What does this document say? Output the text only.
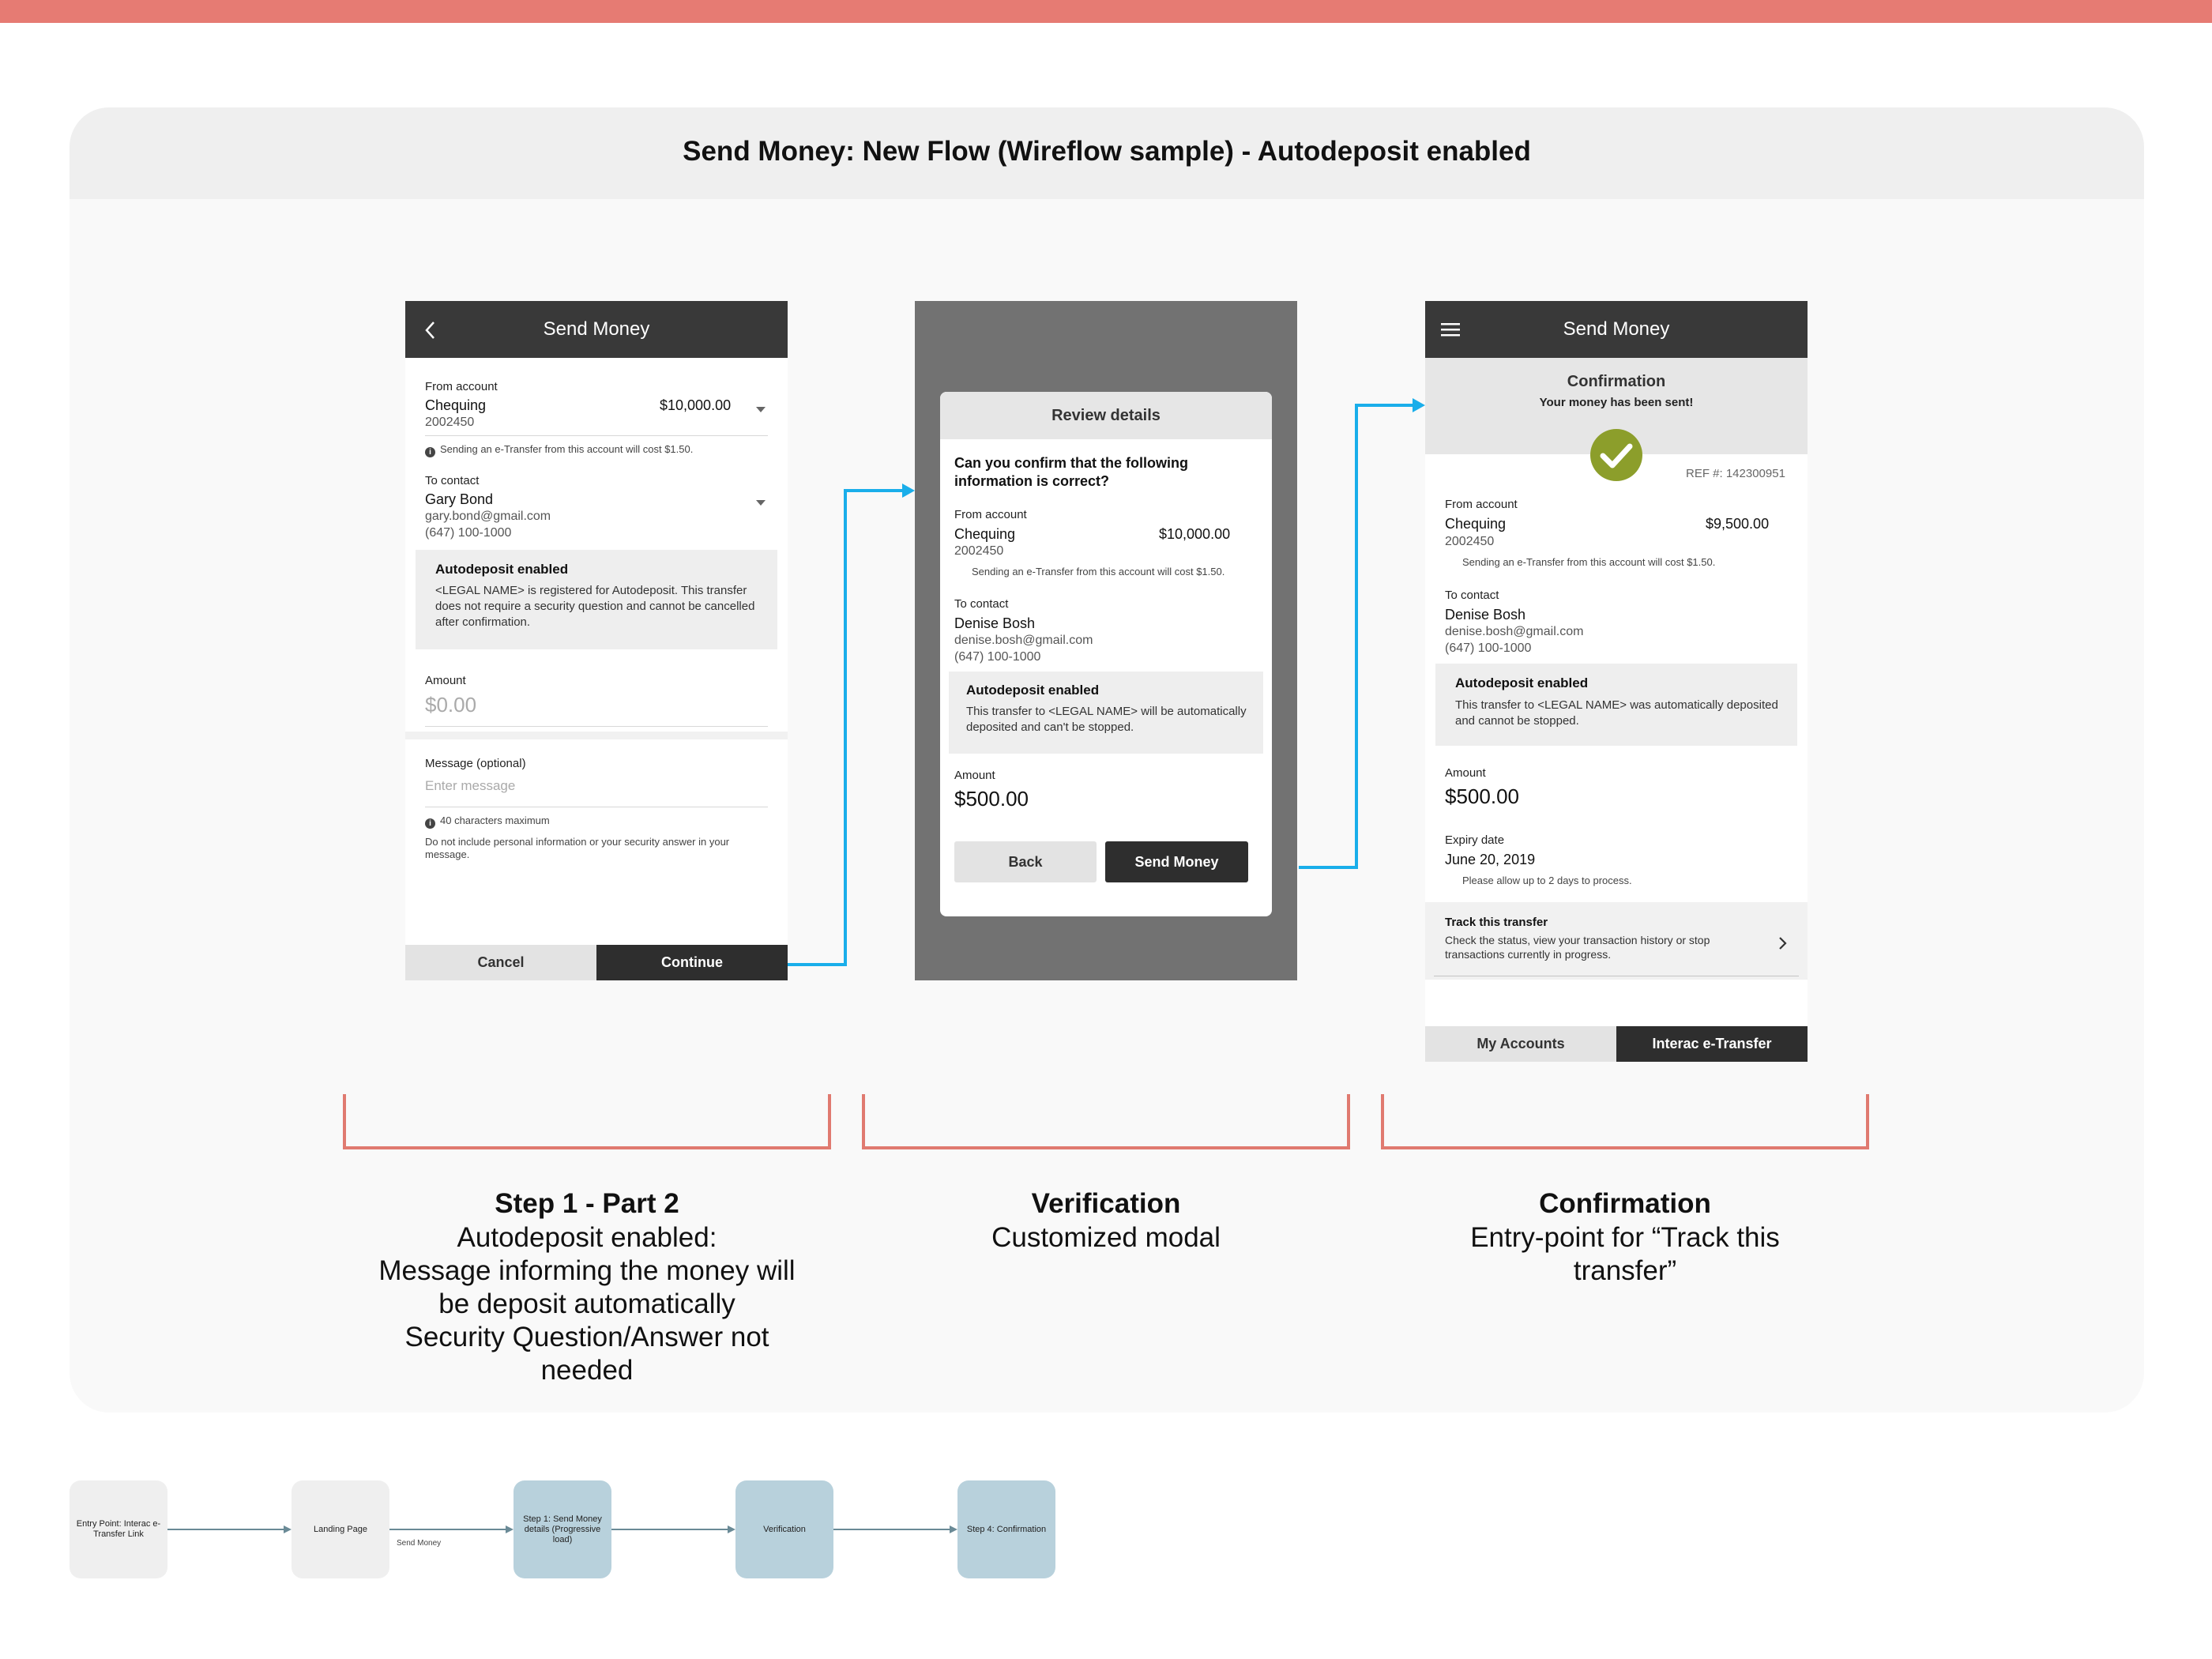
Send Money: New Flow (Wireflow sample) - Autodeposit enabled
Send Money
From account
Chequing	$10,000.00
2002450
i Sending an e-Transfer from this account will cost $1.50.
To contact
Gary Bond
gary.bond@gmail.com
(647) 100-1000
Autodeposit enabled
<LEGAL NAME> is registered for Autodeposit. This transfer does not require a security question and cannot be cancelled after confirmation.
Amount
$0.00
Message (optional)
Enter message
i 40 characters maximum
Do not include personal information or your security answer in your message.
Cancel	Continue
Review details
Can you confirm that the following information is correct?
From account
Chequing	$10,000.00
2002450
Sending an e-Transfer from this account will cost $1.50.
To contact
Denise Bosh
denise.bosh@gmail.com
(647) 100-1000
Autodeposit enabled
This transfer to <LEGAL NAME> will be automatically deposited and can't be stopped.
Amount
$500.00
Back	Send Money
Send Money
Confirmation
Your money has been sent!
REF #: 142300951
From account
Chequing	$9,500.00
2002450
Sending an e-Transfer from this account will cost $1.50.
To contact
Denise Bosh
denise.bosh@gmail.com
(647) 100-1000
Autodeposit enabled
This transfer to <LEGAL NAME> was automatically deposited and cannot be stopped.
Amount
$500.00
Expiry date
June 20, 2019
Please allow up to 2 days to process.
Track this transfer
Check the status, view your transaction history or stop transactions currently in progress.
My Accounts	Interac e-Transfer
Step 1 - Part 2
Autodeposit enabled:
Message informing the money will
be deposit automatically
Security Question/Answer not
needed
Verification
Customized modal
Confirmation
Entry-point for “Track this
transfer”
Entry Point: Interac e-Transfer Link
Landing Page
Step 1: Send Money details (Progressive load)
Verification	Step 4: Confirmation
Send Money
